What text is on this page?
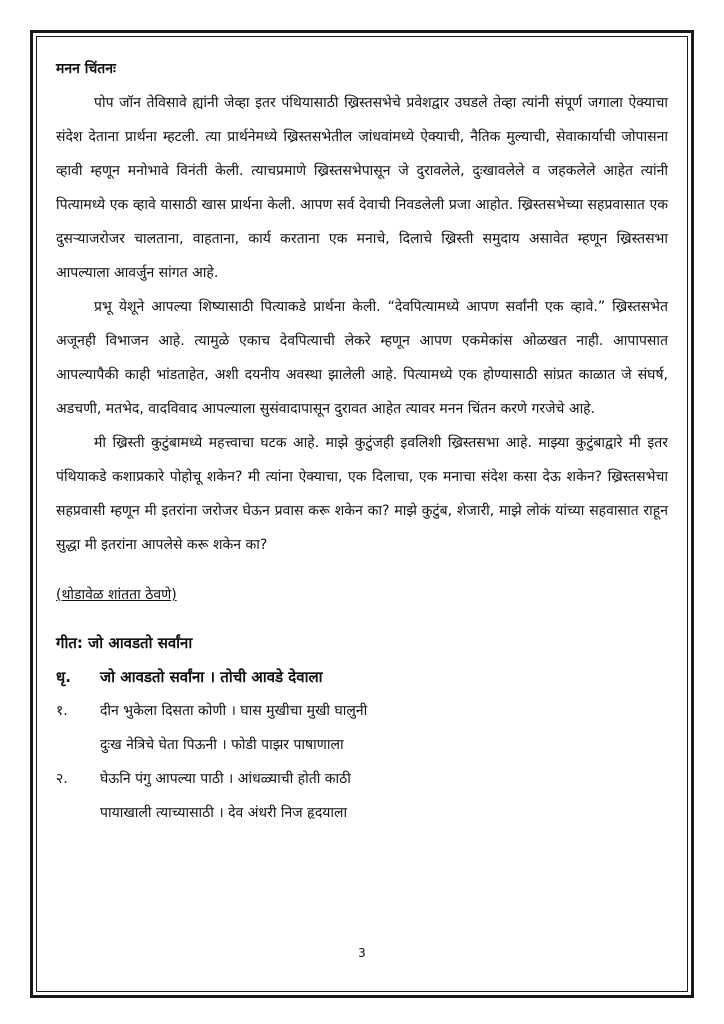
मनन चिंतनः

पोप जॉन तेविसावे ह्यांनी जेव्हा इतर पंथियासाठी ख्रिस्तसभेचे प्रवेशद्वार उघडले तेव्हा त्यांनी संपूर्ण जगाला ऐक्याचा संदेश देताना प्रार्थना म्हटली. त्या प्रार्थनेमध्ये ख्रिस्तसभेतील जांधवांमध्ये ऐक्याची, नैतिक मुल्याची, सेवाकार्याची जोपासना व्हावी म्हणून मनोभावे विनंती केली. त्याचप्रमाणे ख्रिस्तसभेपासून जे दुरावलेले, दुःखावलेले व जहकलेले आहेत त्यांनी पित्यामध्ये एक व्हावे यासाठी खास प्रार्थना केली. आपण सर्व देवाची निवडलेली प्रजा आहोत. ख्रिस्तसभेच्या सहप्रवासात एक दुसऱ्याजरोजर चालताना, वाहताना, कार्य करताना एक मनाचे, दिलाचे ख्रिस्ती समुदाय असावेत म्हणून ख्रिस्तसभा आपल्याला आवर्जुन सांगत आहे.

प्रभू येशूने आपल्या शिष्यासाठी पित्याकडे प्रार्थना केली. “देवपित्यामध्ये आपण सर्वांनी एक व्हावे.” ख्रिस्तसभेत अजूनही विभाजन आहे. त्यामुळे एकाच देवपित्याची लेकरे म्हणून आपण एकमेकांस ओळखत नाही. आपापसात आपल्यापैकी काही भांडताहेत, अशी दयनीय अवस्था झालेली आहे. पित्यामध्ये एक होण्यासाठी सांप्रत काळात जे संघर्ष, अडचणी, मतभेद, वादविवाद आपल्याला सुसंवादापासून दुरावत आहेत त्यावर मनन चिंतन करणे गरजेचे आहे.

मी ख्रिस्ती कुटुंबामध्ये महत्त्वाचा घटक आहे. माझे कुटुंजही इवलिशी ख्रिस्तसभा आहे. माझ्या कुटुंबाद्वारे मी इतर पंथियाकडे कशाप्रकारे पोहोचू शकेन? मी त्यांना ऐक्याचा, एक दिलाचा, एक मनाचा संदेश कसा देऊ शकेन? ख्रिस्तसभेचा सहप्रवासी म्हणून मी इतरांना जरोजर घेऊन प्रवास करू शकेन का? माझे कुटुंब, शेजारी, माझे लोकं यांच्या सहवासात राहून सुद्धा मी इतरांना आपलेसे करू शकेन का?

(थोडावेळ शांतता ठेवणे)
गीत: जो आवडतो सर्वांना
धृ.	जो आवडतो सर्वांना । तोची आवडे देवाला
१.	दीन भुकेला दिसता कोणी । घास मुखीचा मुखी घालुनी
दुःख नेत्रिचे घेता पिऊनी । फोडी पाझर पाषाणाला
२.	घेऊनि पंगु आपल्या पाठी । आंधळ्याची होती काठी
पायाखाली त्याच्यासाठी । देव अंधरी निज हृदयाला
3
